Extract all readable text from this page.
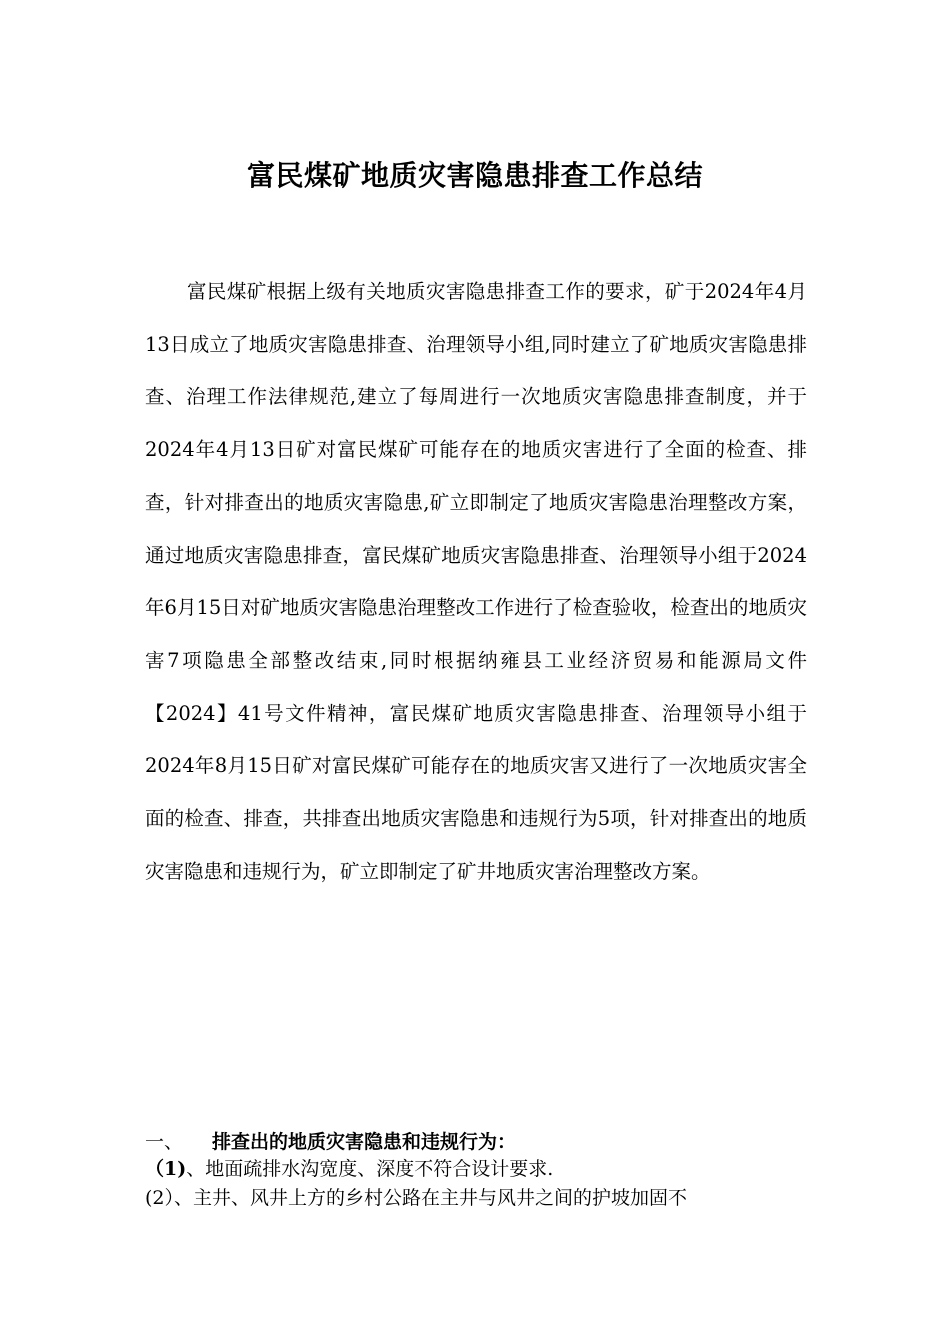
富民煤矿地质灾害隐患排查工作总结

富民煤矿根据上级有关地质灾害隐患排查工作的要求，矿于2024年4月13日成立了地质灾害隐患排查、治理领导小组,同时建立了矿地质灾害隐患排查、治理工作法律规范,建立了每周进行一次地质灾害隐患排查制度，并于2024年4月13日矿对富民煤矿可能存在的地质灾害进行了全面的检查、排查，针对排查出的地质灾害隐患,矿立即制定了地质灾害隐患治理整改方案，通过地质灾害隐患排查，富民煤矿地质灾害隐患排查、治理领导小组于2024年6月15日对矿地质灾害隐患治理整改工作进行了检查验收，检查出的地质灾害7项隐患全部整改结束,同时根据纳雍县工业经济贸易和能源局文件【2024】41号文件精神，富民煤矿地质灾害隐患排查、治理领导小组于2024年8月15日矿对富民煤矿可能存在的地质灾害又进行了一次地质灾害全面的检查、排查，共排查出地质灾害隐患和违规行为5项，针对排查出的地质灾害隐患和违规行为，矿立即制定了矿井地质灾害治理整改方案。

一、 排查出的地质灾害隐患和违规行为：
（1)、地面疏排水沟宽度、深度不符合设计要求.
(2）、主井、风井上方的乡村公路在主井与风井之间的护坡加固不
